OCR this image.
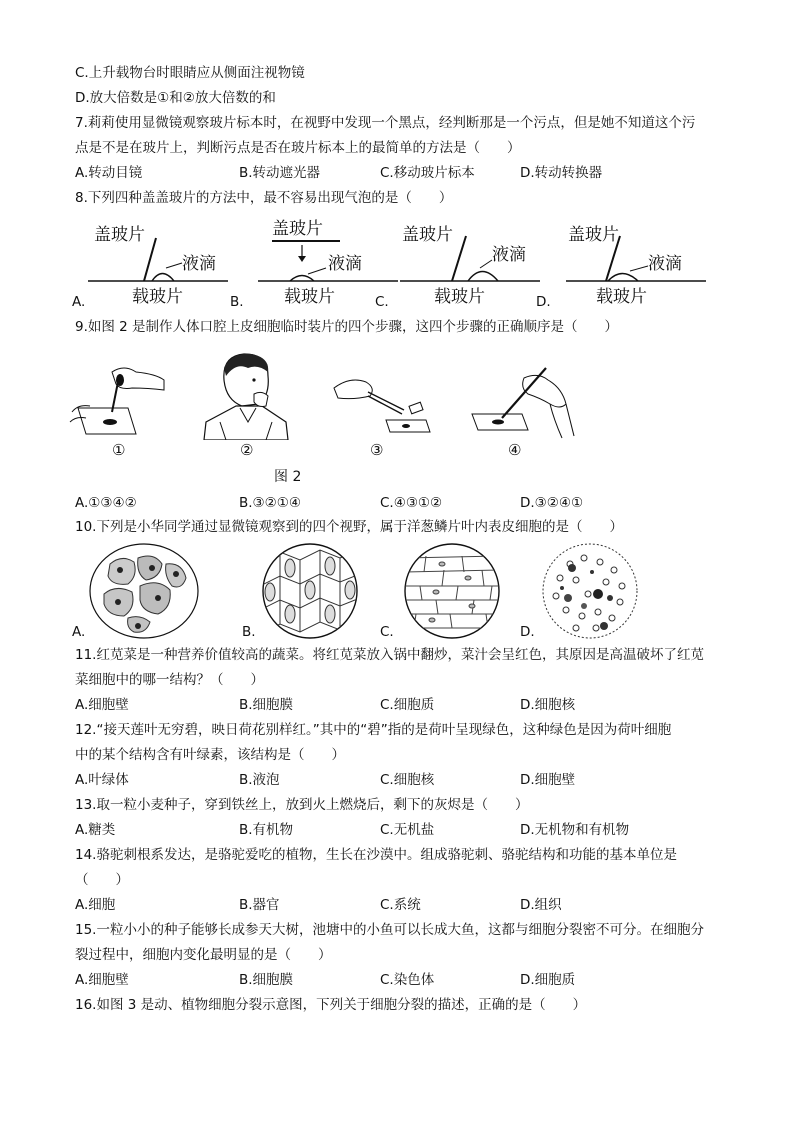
C.上升载物台时眼睛应从侧面注视物镜
D.放大倍数是①和②放大倍数的和
7.莉莉使用显微镜观察玻片标本时，在视野中发现一个黑点，经判断那是一个污点，但是她不知道这个污
点是不是在玻片上，判断污点是否在玻片标本上的最简单的方法是（　　）
A.转动目镜	B.转动遮光器	C.移动玻片标本	D.转动转换器
8.下列四种盖盖玻片的方法中，最不容易出现气泡的是（　　）
A.
盖玻片
液滴
载玻片	B.
盖玻片
液滴
载玻片	C.
盖玻片
液滴
载玻片	D.
盖玻片
液滴
载玻片
9.如图 2 是制作人体口腔上皮细胞临时装片的四个步骤，这四个步骤的正确顺序是（　　）
①	②	③	④
图 2
A.①③④②	B.③②①④	C.④③①②	D.③②④①
10.下列是小华同学通过显微镜观察到的四个视野，属于洋葱鳞片叶内表皮细胞的是（　　）
A.	B.	C.	D.
11.红苋菜是一种营养价值较高的蔬菜。将红苋菜放入锅中翻炒，菜汁会呈红色，其原因是高温破坏了红苋
菜细胞中的哪一结构？（　　）
A.细胞壁	B.细胞膜	C.细胞质	D.细胞核
12.“接天莲叶无穷碧，映日荷花别样红。”其中的“碧”指的是荷叶呈现绿色，这种绿色是因为荷叶细胞
中的某个结构含有叶绿素，该结构是（　　）
A.叶绿体	B.液泡	C.细胞核	D.细胞壁
13.取一粒小麦种子，穿到铁丝上，放到火上燃烧后，剩下的灰烬是（　　）
A.糖类	B.有机物	C.无机盐	D.无机物和有机物
14.骆驼刺根系发达，是骆驼爱吃的植物，生长在沙漠中。组成骆驼刺、骆驼结构和功能的基本单位是
（　　）
A.细胞	B.器官	C.系统	D.组织
15.一粒小小的种子能够长成参天大树，池塘中的小鱼可以长成大鱼，这都与细胞分裂密不可分。在细胞分
裂过程中，细胞内变化最明显的是（　　）
A.细胞壁	B.细胞膜	C.染色体	D.细胞质
16.如图 3 是动、植物细胞分裂示意图，下列关于细胞分裂的描述，正确的是（　　）
